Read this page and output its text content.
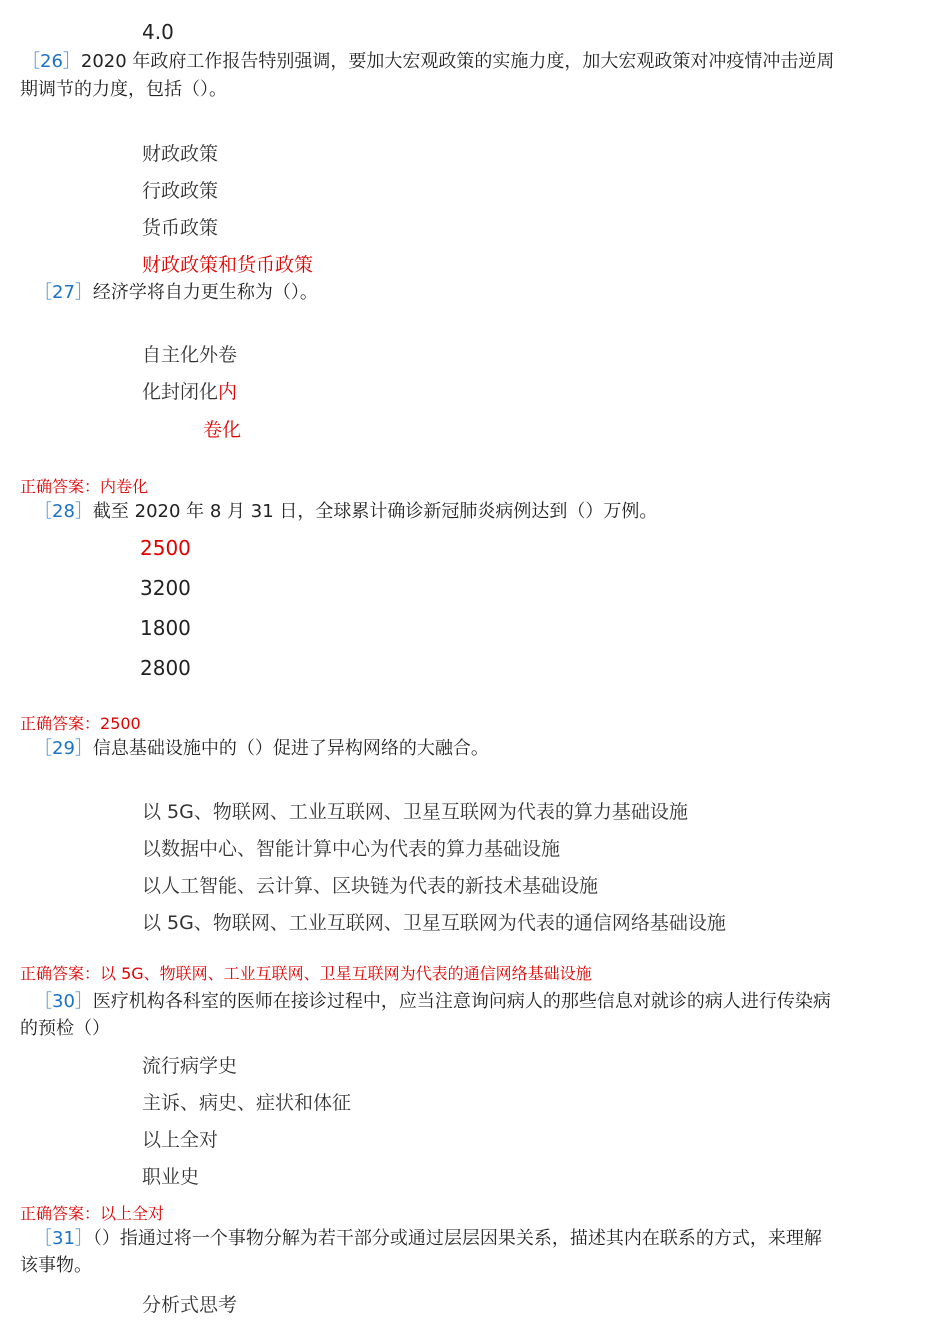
4.0
［26］2020 年政府工作报告特别强调，要加大宏观政策的实施力度，加大宏观政策对冲疫情冲击逆周
期调节的力度，包括（）。
财政政策
行政政策
货币政策
财政政策和货币政策
［27］经济学将自力更生称为（）。
自主化外卷
化封闭化内
卷化
正确答案：内卷化
［28］截至 2020 年 8 月 31 日，全球累计确诊新冠肺炎病例达到（）万例。
2500
3200
1800
2800
正确答案：2500
［29］信息基础设施中的（）促进了异构网络的大融合。
以 5G、物联网、工业互联网、卫星互联网为代表的算力基础设施
以数据中心、智能计算中心为代表的算力基础设施
以人工智能、云计算、区块链为代表的新技术基础设施
以 5G、物联网、工业互联网、卫星互联网为代表的通信网络基础设施
正确答案：以 5G、物联网、工业互联网、卫星互联网为代表的通信网络基础设施
［30］医疗机构各科室的医师在接诊过程中，应当注意询问病人的那些信息对就诊的病人进行传染病
的预检（）
流行病学史
主诉、病史、症状和体征
以上全对
职业史
正确答案：以上全对
［31］（）指通过将一个事物分解为若干部分或通过层层因果关系，描述其内在联系的方式，来理解
该事物。
分析式思考
